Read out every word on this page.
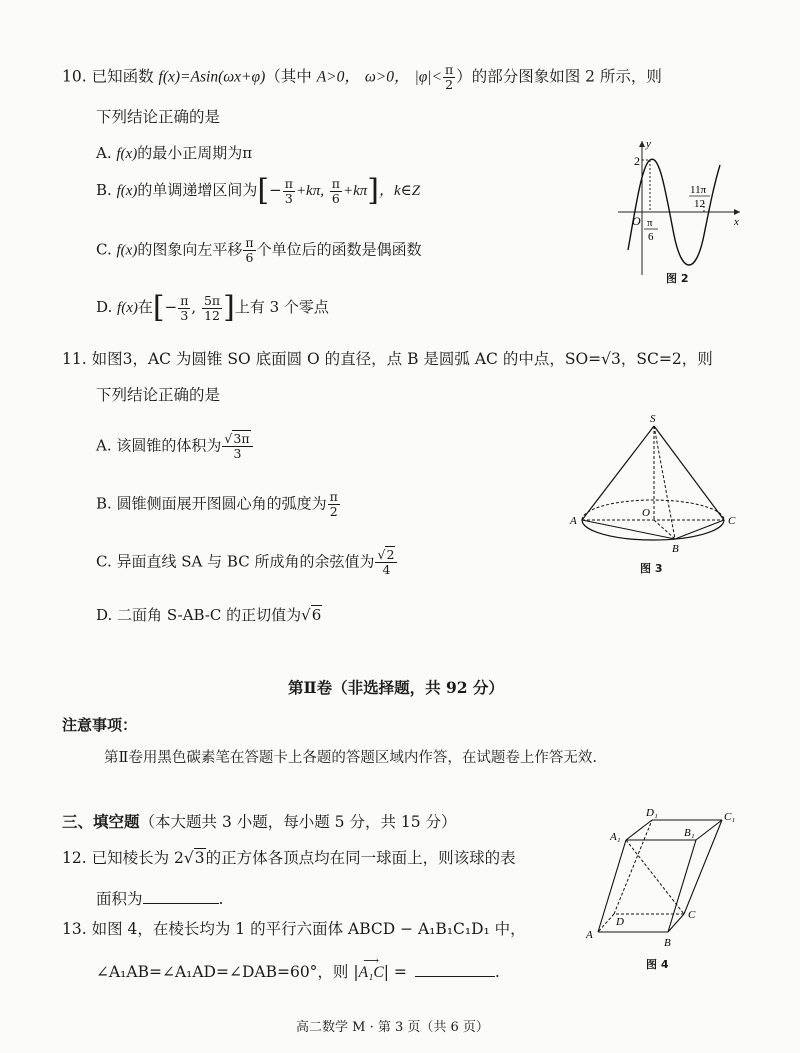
10. 已知函数 f(x)=Asin(ωx+φ)（其中 A>0， ω>0， $|\varphi|< \frac{\pi}{2}$ ）的部分图象如图 2 所示，则
下列结论正确的是
A. f(x)的最小正周期为π
B. f(x)的单调递增区间为[− $\frac{\pi}{3} +k\pi$, $\frac{\pi}{6} +k\pi$]，k∈Z
C. f(x)的图象向左平移 $\frac{\pi}{6}$ 个单位后的函数是偶函数
D. f(x)在[− $\frac{\pi}{3}$ , $\frac{5\pi}{12}$ ]上有 3 个零点
2
y
x
O π
6
11π
12
图 2
11. 如图3，AC 为圆锥 SO 底面圆 O 的直径，点 B 是圆弧 AC 的中点，SO=√3，SC=2，则
下列结论正确的是
A. 该圆锥的体积为 $\frac{√3\pi}{3}$
B. 圆锥侧面展开图圆心角的弧度为 $\frac{\pi}{2}$
C. 异面直线 SA 与 BC 所成角的余弦值为 $\frac{√2}{4}$
D. 二面角 S-AB-C 的正切值为√6
S
A	C
O
B
图 3
第Ⅱ卷（非选择题，共 92 分）
注意事项：
第Ⅱ卷用黑色碳素笔在答题卡上各题的答题区域内作答，在试题卷上作答无效.
三、填空题（本大题共 3 小题，每小题 5 分，共 15 分）
12. 已知棱长为 2√3的正方体各顶点均在同一球面上，则该球的表
面积为	.
13. 如图 4，在棱长均为 1 的平行六面体 ABCD − A₁B₁C₁D₁ 中，
∠A₁AB=∠A₁AD=∠DAB=60°，则 |
⟶
A₁C| =	.
A
B
C
D
A₁	B₁
C₁
D₁
图 4
高二数学 M · 第 3 页（共 6 页）
